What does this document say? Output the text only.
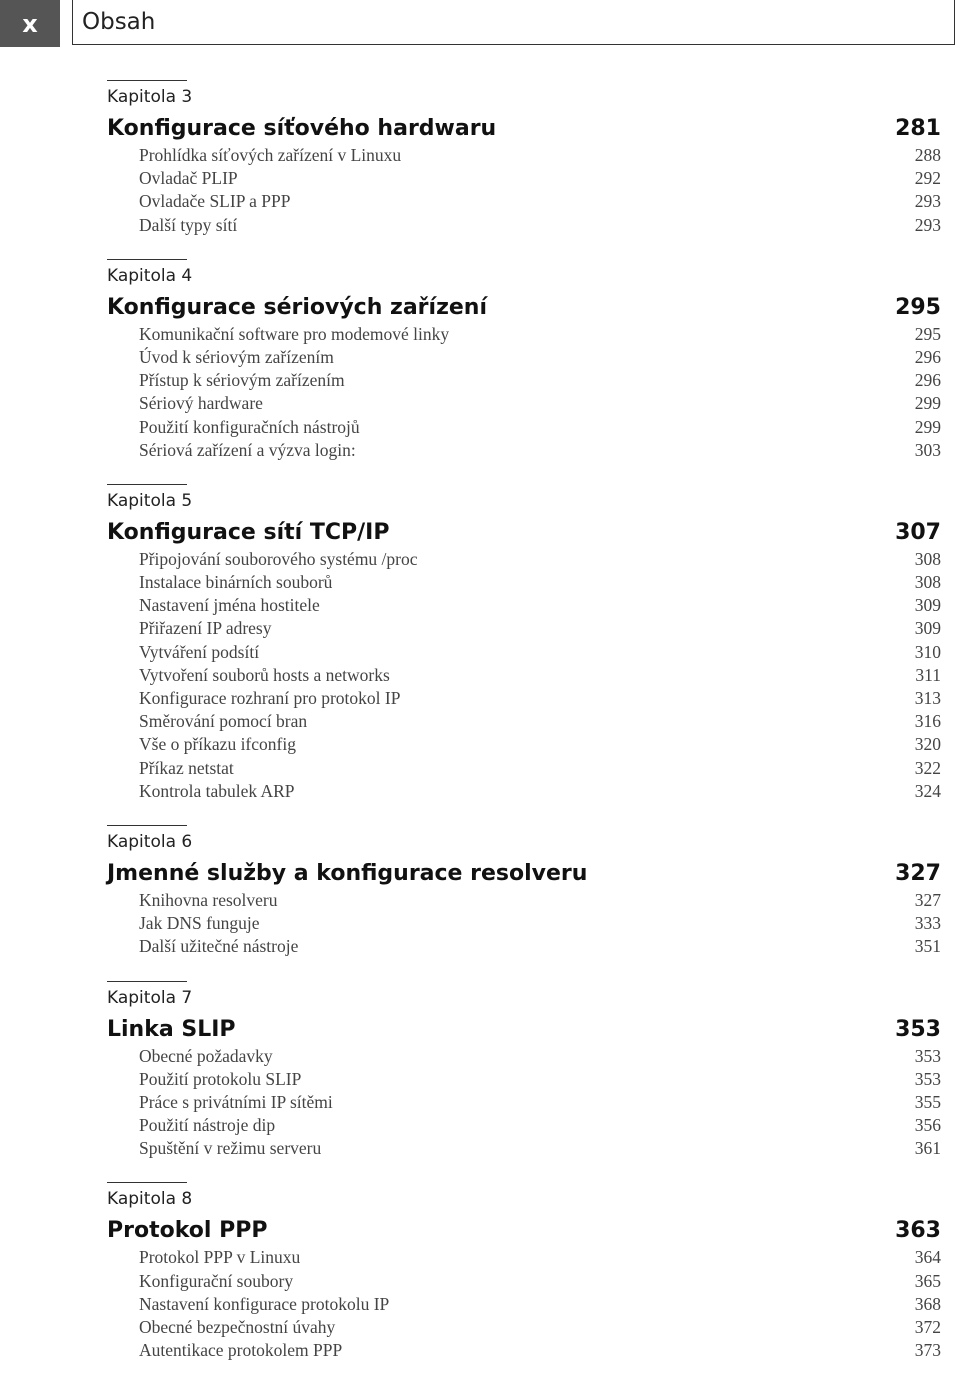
x	Obsah
Kapitola 3
Konfigurace síťového hardwaru	281
Prohlídka síťových zařízení v Linuxu	288
Ovladač PLIP	292
Ovladače SLIP a PPP	293
Další typy sítí	293
Kapitola 4
Konfigurace sériových zařízení	295
Komunikační software pro modemové linky	295
Úvod k sériovým zařízením	296
Přístup k sériovým zařízením	296
Sériový hardware	299
Použití konfiguračních nástrojů	299
Sériová zařízení a výzva login:	303
Kapitola 5
Konfigurace sítí TCP/IP	307
Připojování souborového systému /proc	308
Instalace binárních souborů	308
Nastavení jména hostitele	309
Přiřazení IP adresy	309
Vytváření podsítí	310
Vytvoření souborů hosts a networks	311
Konfigurace rozhraní pro protokol IP	313
Směrování pomocí bran	316
Vše o příkazu ifconfig	320
Příkaz netstat	322
Kontrola tabulek ARP	324
Kapitola 6
Jmenné služby a konfigurace resolveru	327
Knihovna resolveru	327
Jak DNS funguje	333
Další užitečné nástroje	351
Kapitola 7
Linka SLIP	353
Obecné požadavky	353
Použití protokolu SLIP	353
Práce s privátními IP sítěmi	355
Použití nástroje dip	356
Spuštění v režimu serveru	361
Kapitola 8
Protokol PPP	363
Protokol PPP v Linuxu	364
Konfigurační soubory	365
Nastavení konfigurace protokolu IP	368
Obecné bezpečnostní úvahy	372
Autentikace protokolem PPP	373
